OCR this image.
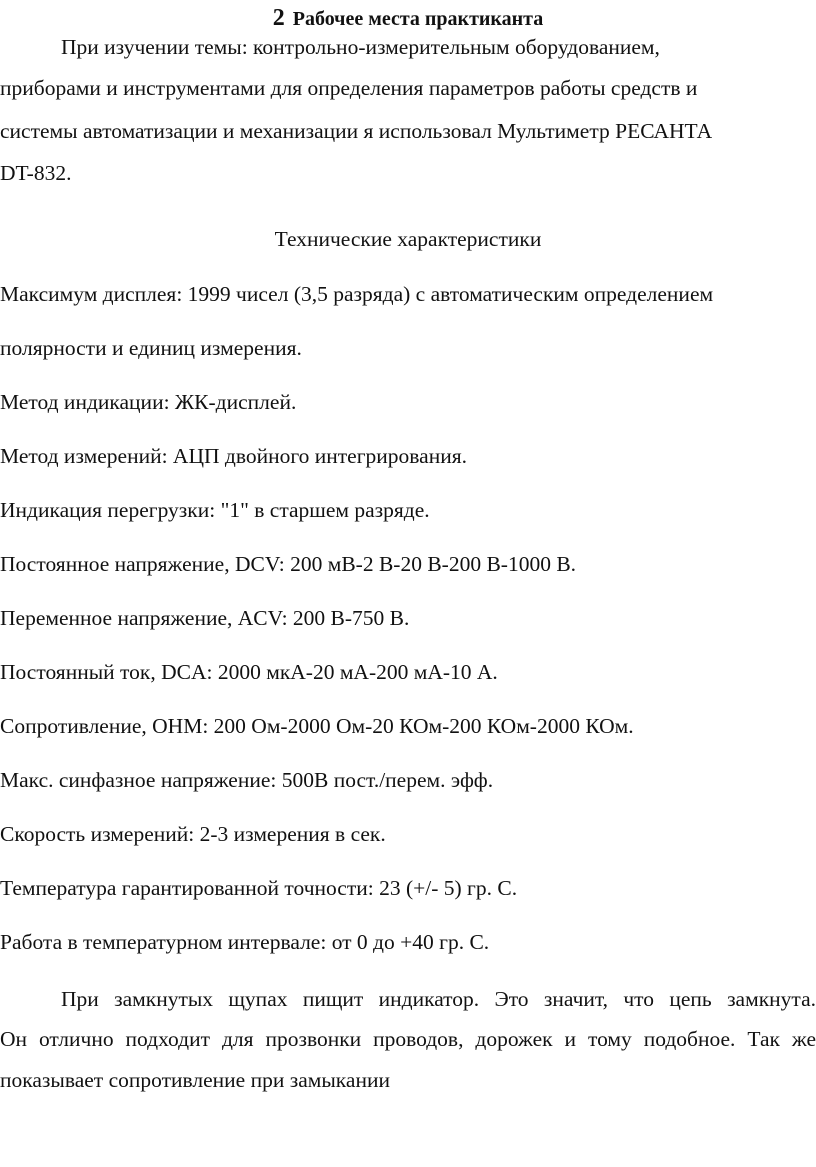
2 Рабочее места практиканта
При изучении темы: контрольно-измерительным оборудованием,
приборами и инструментами для определения параметров работы средств и
системы автоматизации и механизации я использовал Мультиметр РЕСАНТА
DT-832.
Технические характеристики
Максимум дисплея: 1999 чисел (3,5 разряда) с автоматическим определением
полярности и единиц измерения.
Метод индикации: ЖК-дисплей.
Метод измерений: АЦП двойного интегрирования.
Индикация перегрузки: "1" в старшем разряде.
Постоянное напряжение, DCV: 200 мВ-2 В-20 В-200 В-1000 В.
Переменное напряжение, ACV: 200 В-750 В.
Постоянный ток, DCA: 2000 мкА-20 мА-200 мА-10 А.
Сопротивление, OHM: 200 Ом-2000 Ом-20 КОм-200 КОм-2000 КОм.
Макс. синфазное напряжение: 500В пост./перем. эфф.
Скорость измерений: 2-3 измерения в сек.
Температура гарантированной точности: 23 (+/- 5) гр. С.
Работа в температурном интервале: от 0 до +40 гр. С.
При замкнутых щупах пищит индикатор. Это значит, что цепь замкнута.
Он отлично подходит для прозвонки проводов, дорожек и тому подобное. Так же
показывает сопротивление при замыкании
